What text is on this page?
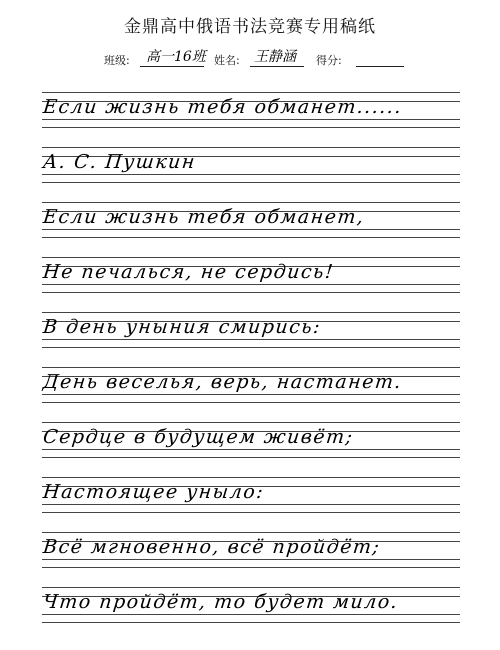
金鼎高中俄语书法竞赛专用稿纸
班级: 高一16班 姓名: 王静涵 得分:
Если жизнь тебя обманет......
А. С. Пушкин
Если жизнь тебя обманет,
Не печалься, не сердись!
В день уныния смирись:
День веселья, верь, настанет.
Сердце в будущем живёт;
Настоящее уныло:
Всё мгновенно, всё пройдёт;
Что пройдёт, то будет мило.
